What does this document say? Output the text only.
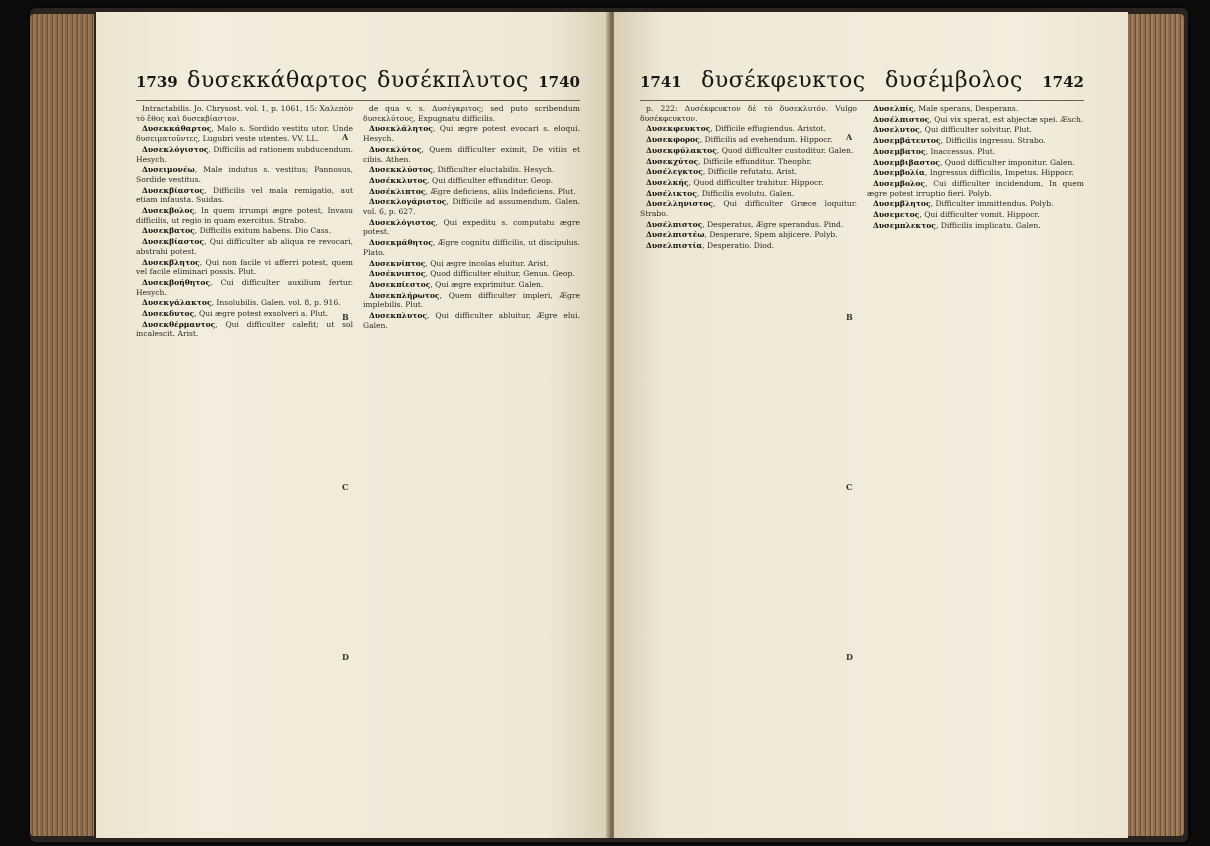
1739 δυσεκκάθαρτος δυσέκπλυτος 1740

Intractabilis. Jo. Chrysost. vol. 1, p. 1061, 15: Χαλεπὸν τὸ ἔθος καὶ δυσεκβίαστον.

Δυσεκκάθαρτος, Malo s. Sordido vestitu utor. Unde δυσειματοῦντες, Lugubri veste utentes. VV. LL.

Δυσεκλόγιστος, Difficilis ad rationem subducendum. Hesych.

Δυσειμονέω, Male indutus s. vestitus; Pannosus, Sordide vestitus.

Δυσεκβίαστος, Difficilis vel mala remigatio, aut etiam infausta. Suidas.

Δυσεκβολος, In quem irrumpi ægre potest, Invasu difficilis, ut regio in quam exercitus. Strabo.

Δυσεκβατος, Difficilis exitum habens. Dio Cass.

Δυσεκβίαστος, Qui difficulter ab aliqua re revocari, abstrahi potest.

Δυσεκβλητος, Qui non facile vi afferri potest, quem vel facile eliminari possis. Plut.

Δυσεκβοήθητος, Cui difficulter auxilium fertur. Hesych.

Δυσεκγάλακτος, Insolubilis. Galen. vol. 8, p. 916.

Δυσεκδυτος, Qui ægre potest exsolveri a. Plut.

Δυσεκθέρμαντος, Qui difficulter calefit; ut sol incalescit. Arist.

de qua v. s. Δυσέγκριτος; sed puto scribendum δυσεκλύτους, Expugnatu difficilis.

Δυσεκλάλητος, Qui ægre potest evocari s. eloqui. Hesych.

Δυσεκλύτος, Quem difficulter eximit, De vitiis et cibis. Athen.

Δυσεκκλύστος, Difficulter eluctabilis. Hesych.

Δυσέκκλυτος, Qui difficulter effunditur. Geop.

Δυσέκλιπτος, Ægre deficiens, aliis Indeficiens. Plut.

Δυσεκλογάριστος, Difficile ad assumendum. Galen. vol. 6, p. 627.

Δυσεκλόγιστος, Qui expeditu s. computatu ægre potest.

Δυσεκμάθητος, Ægre cognitu difficilis, ut discipulus. Plato.

Δυσεκνίπτος, Qui ægre incolas eluitur. Arist.

Δυσέκνιπτος, Quod difficulter eluitur, Genus. Geop.

Δυσεκπίεστος, Qui ægre exprimitur. Galen.

Δυσεκπλήρωτος, Quem difficulter impleri, Ægre implebilis. Plut.

Δυσεκπλυτος, Qui difficulter abluitur, Ægre elui. Galen.

A
B
C
D
1741 δυσέκφευκτος δυσέμβολος 1742

p. 222: Δυσέκφευκτον δὲ τὸ δυσεκλυτόν. Vulgo δυσέκφευκτον.

Δυσεκφευκτος, Difficile effugiendus. Aristot.

Δυσεκφορος, Difficilis ad evehendum. Hippocr.

Δυσεκφύλακτος, Quod difficulter custoditur. Galen.

Δυσεκχύτος, Difficile effunditur. Theophr.

Δυσέλεγκτος, Difficile refutatu. Arist.

Δυσελκής, Quod difficulter trahitur. Hippocr.

Δυσέλικτος, Difficilis evolutu. Galen.

Δυσελληνιστος, Qui difficulter Græce loquitur. Strabo.

Δυσέλπιστος, Desperatus, Ægre sperandus. Pind.

Δυσελπιστέω, Desperare, Spem abjicere. Polyb.

Δυσελπιστία, Desperatio. Diod.

Δυσελπίς, Male sperans, Desperans.

Δυσέλπιστος, Qui vix sperat, est abjectæ spei. Æsch.

Δυσελυτος, Qui difficulter solvitur. Plut.

Δυσεμβάτευτος, Difficilis ingressu. Strabo.

Δυσεμβατος, Inaccessus. Plut.

Δυσεμβιβαστος, Quod difficulter imponitur. Galen.

Δυσεμβολία, Ingressus difficilis, Impetus. Hippocr.

Δυσεμβολος, Cui difficulter incidendum, In quem ægre potest irruptio fieri. Polyb.

Δυσεμβλητος, Difficulter immittendus. Polyb.

Δυσεμετος, Qui difficulter vomit. Hippocr.

Δυσεμπλεκτος, Difficilis implicatu. Galen.

A
B
C
D
